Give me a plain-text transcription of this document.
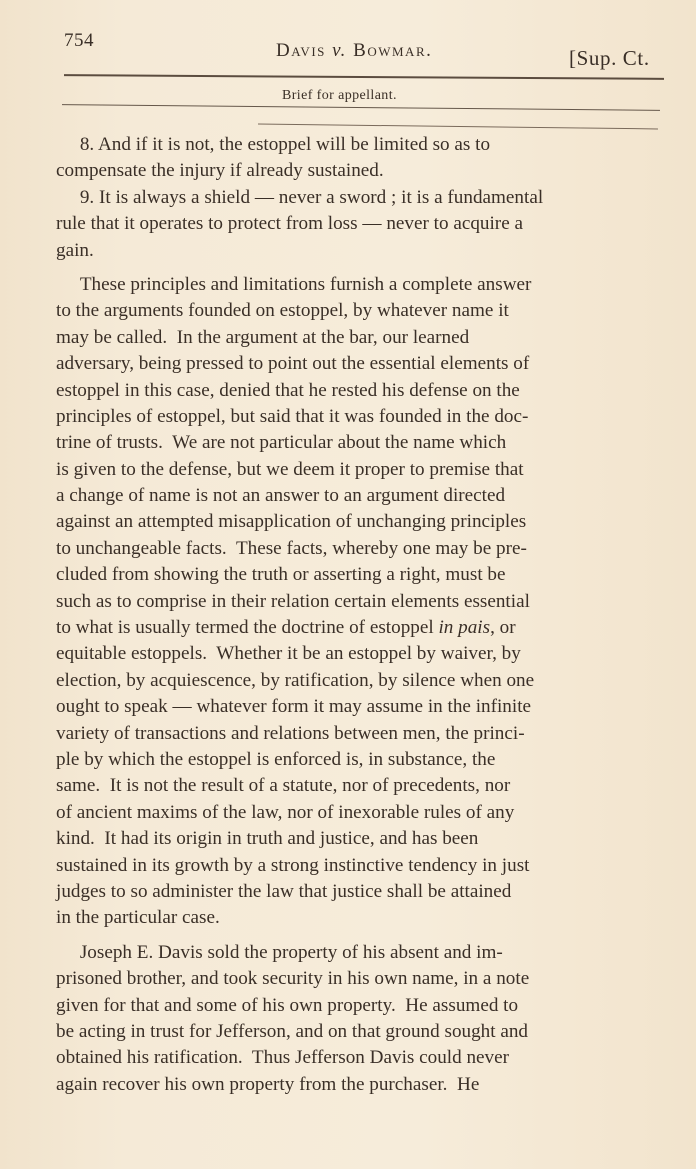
754	Davis v. Bowmar.	[Sup. Ct.
Brief for appellant.
8. And if it is not, the estoppel will be limited so as to
compensate the injury if already sustained.
9. It is always a shield — never a sword ; it is a fundamental
rule that it operates to protect from loss — never to acquire a
gain.
These principles and limitations furnish a complete answer
to the arguments founded on estoppel, by whatever name it
may be called.  In the argument at the bar, our learned
adversary, being pressed to point out the essential elements of
estoppel in this case, denied that he rested his defense on the
principles of estoppel, but said that it was founded in the doc-
trine of trusts.  We are not particular about the name which
is given to the defense, but we deem it proper to premise that
a change of name is not an answer to an argument directed
against an attempted misapplication of unchanging principles
to unchangeable facts.  These facts, whereby one may be pre-
cluded from showing the truth or asserting a right, must be
such as to comprise in their relation certain elements essential
to what is usually termed the doctrine of estoppel in pais, or
equitable estoppels.  Whether it be an estoppel by waiver, by
election, by acquiescence, by ratification, by silence when one
ought to speak — whatever form it may assume in the infinite
variety of transactions and relations between men, the princi-
ple by which the estoppel is enforced is, in substance, the
same.  It is not the result of a statute, nor of precedents, nor
of ancient maxims of the law, nor of inexorable rules of any
kind.  It had its origin in truth and justice, and has been
sustained in its growth by a strong instinctive tendency in just
judges to so administer the law that justice shall be attained
in the particular case.
Joseph E. Davis sold the property of his absent and im-
prisoned brother, and took security in his own name, in a note
given for that and some of his own property.  He assumed to
be acting in trust for Jefferson, and on that ground sought and
obtained his ratification.  Thus Jefferson Davis could never
again recover his own property from the purchaser.  He
